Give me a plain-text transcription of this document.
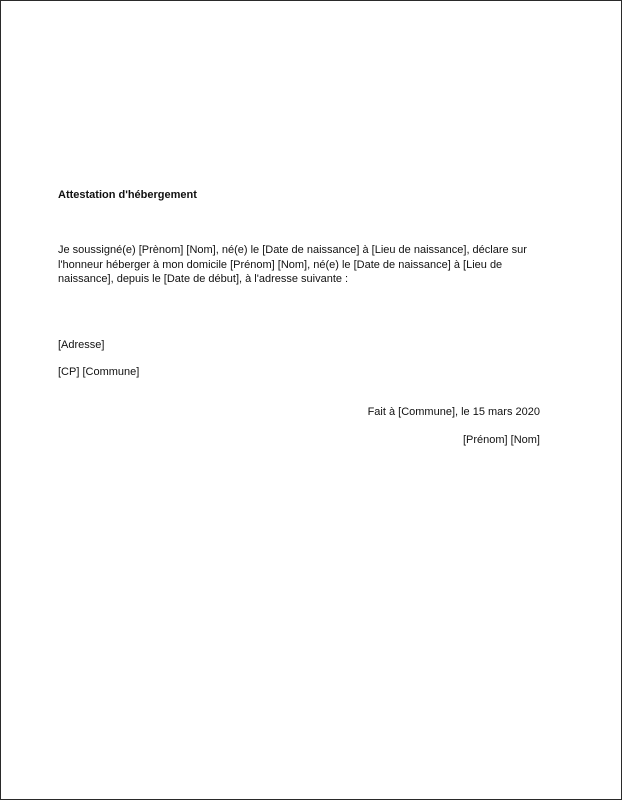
Attestation d'hébergement

Je soussigné(e) [Prènom] [Nom], né(e) le [Date de naissance] à [Lieu de naissance], déclare sur l'honneur héberger à mon domicile [Prénom] [Nom], né(e) le [Date de naissance] à [Lieu de naissance], depuis le [Date de début], à l'adresse suivante :

[Adresse]
[CP] [Commune]
Fait à [Commune], le 15 mars 2020
[Prénom] [Nom]
